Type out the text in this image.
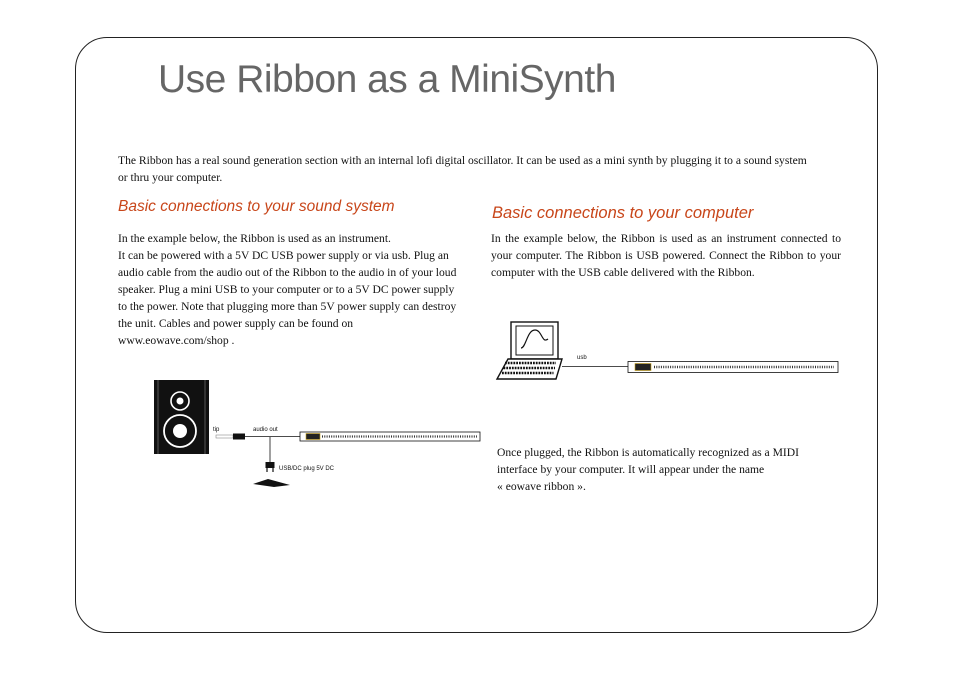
Use Ribbon as a MiniSynth

The Ribbon has a real sound generation section with an internal lofi digital oscillator. It can be used as a mini synth by plugging it to a sound system or thru your computer.

Basic connections to your sound system

In the example below, the Ribbon is used as an instrument.
It can be powered with a 5V DC USB power supply or via usb. Plug an audio cable from the audio out of the Ribbon to the audio in of your loud speaker. Plug a mini USB to your computer or to a 5V DC power supply to the power. Note that plugging more than 5V power supply can destroy the unit. Cables and power supply can be found on www.eowave.com/shop .

Basic connections to your computer

In the example below, the Ribbon is used as an instrument connected to your computer. The Ribbon is USB powered. Connect the Ribbon to your computer with the USB cable delivered with the Ribbon.

tip	audio out
USB/DC plug 5V DC
usb

Once plugged, the Ribbon is automatically recognized as a MIDI interface by your computer. It will appear under the name
« eowave ribbon ».
